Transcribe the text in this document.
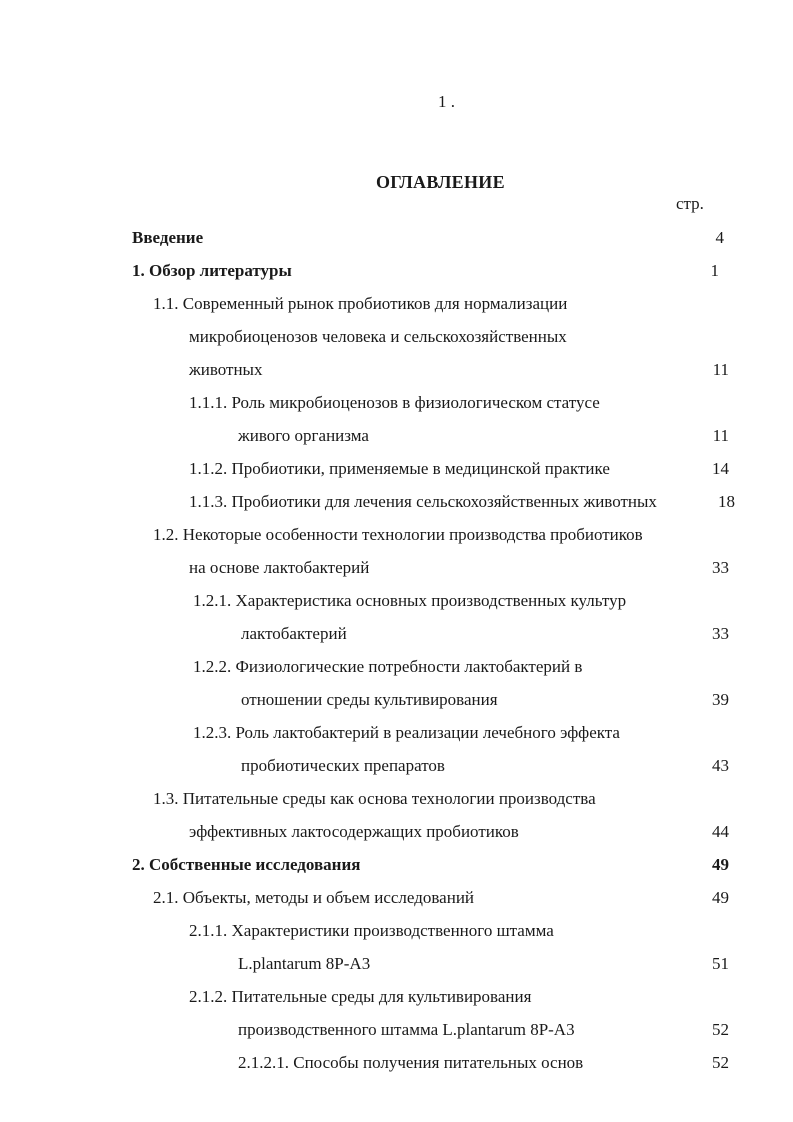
1 .
ОГЛАВЛЕНИЕ
стр.
Введение	4
1. Обзор литературы	1
1.1. Современный рынок пробиотиков для нормализации
микробиоценозов человека и сельскохозяйственных
животных	11
1.1.1. Роль микробиоценозов в физиологическом статусе
живого организма	11
1.1.2. Пробиотики, применяемые в медицинской практике	14
1.1.3. Пробиотики для лечения сельскохозяйственных животных	18
1.2. Некоторые особенности технологии производства пробиотиков
на основе лактобактерий	33
1.2.1. Характеристика основных производственных культур
лактобактерий	33
1.2.2. Физиологические потребности лактобактерий в
отношении среды культивирования	39
1.2.3. Роль лактобактерий в реализации лечебного эффекта
пробиотических препаратов	43
1.3. Питательные среды как основа технологии производства
эффективных лактосодержащих пробиотиков	44
2. Собственные исследования	49
2.1. Объекты, методы и объем исследований	49
2.1.1. Характеристики производственного штамма
L.plantarum 8P-A3	51
2.1.2. Питательные среды для культивирования
производственного штамма L.plantarum 8P-A3	52
2.1.2.1. Способы получения питательных основ	52
